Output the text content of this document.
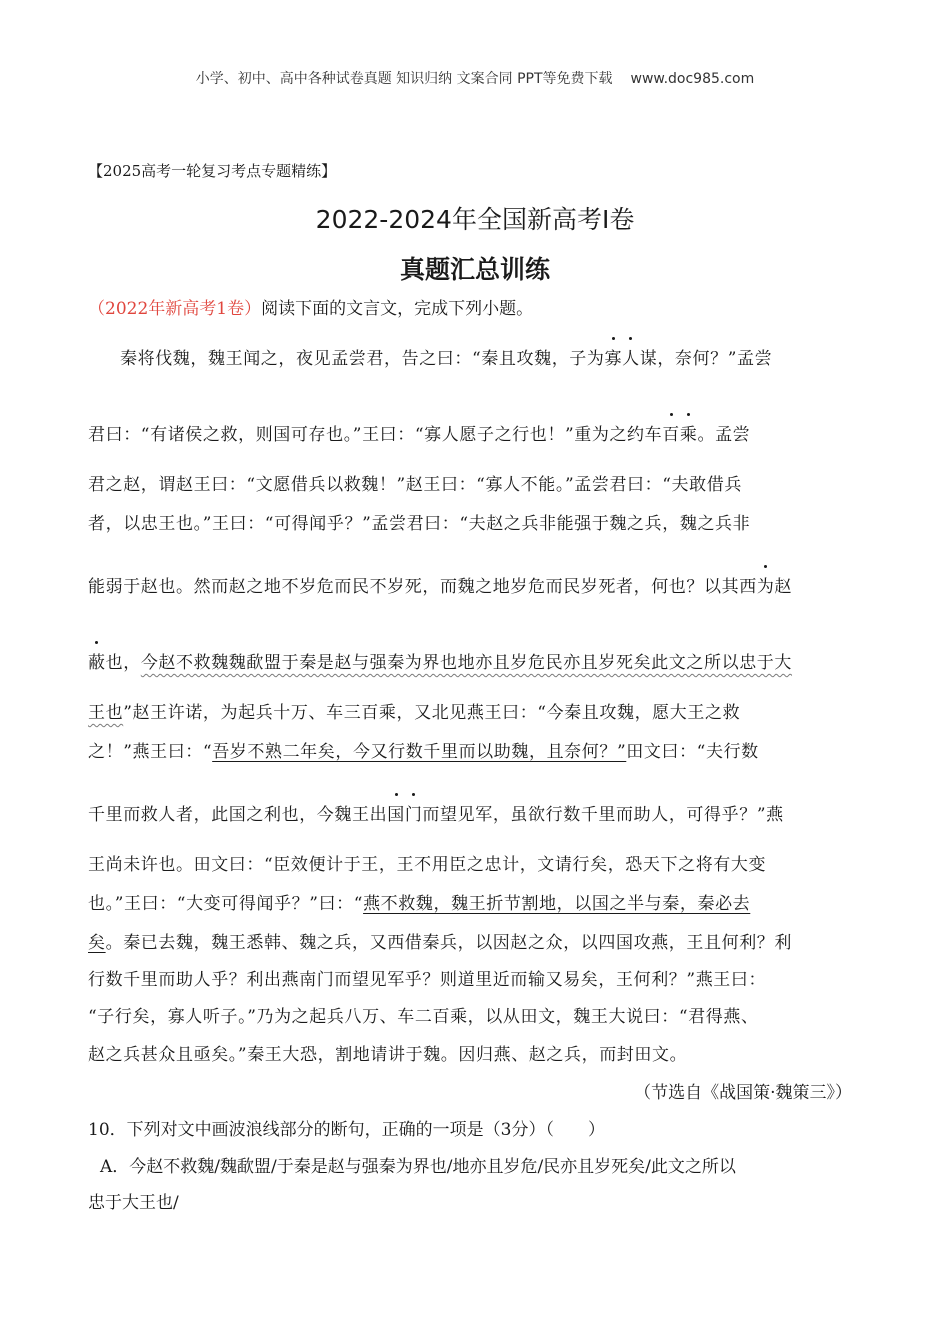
小学、初中、高中各种试卷真题 知识归纳 文案合同 PPT等免费下载 www.doc985.com
【2025高考一轮复习考点专题精练】
2022-2024年全国新高考Ⅰ卷
真题汇总训练
（2022年新高考1卷）阅读下面的文言文，完成下列小题。
秦将伐魏，魏王闻之，夜见孟尝君，告之曰：“秦且攻魏，子为寡人谋，奈何？”孟尝
君曰：“有诸侯之救，则国可存也。”王曰：“寡人愿子之行也！”重为之约车百乘。孟尝
君之赵，谓赵王曰：“文愿借兵以救魏！”赵王曰：“寡人不能。”孟尝君曰：“夫敢借兵
者，以忠王也。”王曰：“可得闻乎？”孟尝君曰：“夫赵之兵非能强于魏之兵，魏之兵非
能弱于赵也。然而赵之地不岁危而民不岁死，而魏之地岁危而民岁死者，何也？以其西为赵
蔽也，今赵不救魏魏歃盟于秦是赵与强秦为界也地亦且岁危民亦且岁死矣此文之所以忠于大
王也”赵王许诺，为起兵十万、车三百乘，又北见燕王曰：“今秦且攻魏，愿大王之救
之！”燕王曰：“吾岁不熟二年矣，今又行数千里而以助魏，且奈何？”田文曰：“夫行数
千里而救人者，此国之利也，今魏王出国门而望见军，虽欲行数千里而助人，可得乎？”燕
王尚未许也。田文曰：“臣效便计于王，王不用臣之忠计，文请行矣，恐天下之将有大变
也。”王曰：“大变可得闻乎？”曰：“燕不救魏，魏王折节割地，以国之半与秦，秦必去
矣。秦已去魏，魏王悉韩、魏之兵，又西借秦兵，以因赵之众，以四国攻燕，王且何利？利
行数千里而助人乎？利出燕南门而望见军乎？则道里近而输又易矣，王何利？”燕王曰：
“子行矣，寡人听子。”乃为之起兵八万、车二百乘，以从田文，魏王大说曰：“君得燕、
赵之兵甚众且亟矣。”秦王大恐，割地请讲于魏。因归燕、赵之兵，而封田文。
（节选自《战国策·魏策三》）
10．下列对文中画波浪线部分的断句，正确的一项是（3分）（　　）
A．今赵不救魏/魏歃盟/于秦是赵与强秦为界也/地亦且岁危/民亦且岁死矣/此文之所以
忠于大王也/
